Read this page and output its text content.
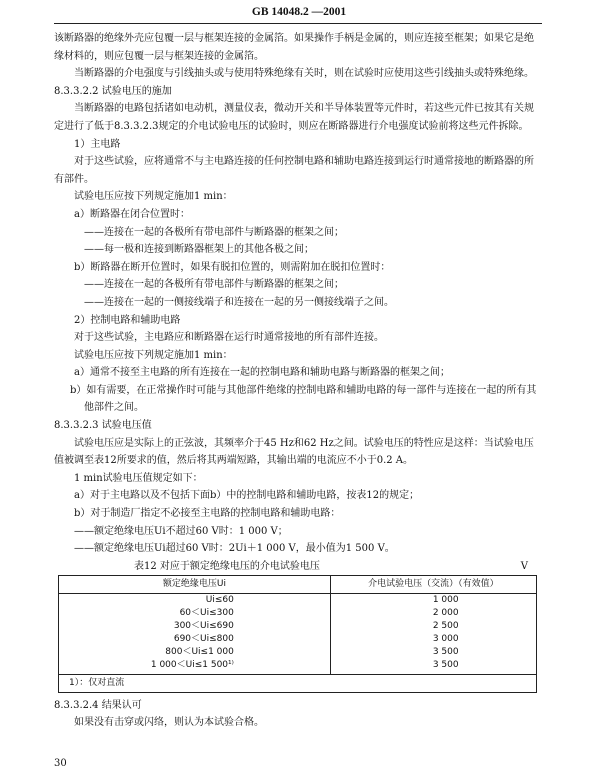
GB 14048.2 —2001

该断路器的绝缘外壳应包覆一层与框架连接的金属箔。如果操作手柄是金属的，则应连接至框架；如果它是绝缘材料的，则应包覆一层与框架连接的金属箔。

当断路器的介电强度与引线抽头或与使用特殊绝缘有关时，则在试验时应使用这些引线抽头或特殊绝缘。

8.3.3.2.2 试验电压的施加

当断路器的电路包括诸如电动机，测量仪表，微动开关和半导体装置等元件时，若这些元件已按其有关规定进行了低于8.3.3.2.3规定的介电试验电压的试验时，则应在断路器进行介电强度试验前将这些元件拆除。

1）主电路

对于这些试验，应将通常不与主电路连接的任何控制电路和辅助电路连接到运行时通常接地的断路器的所有部件。

试验电压应按下列规定施加1 min：

a）断路器在闭合位置时：

——连接在一起的各极所有带电部件与断路器的框架之间；

——每一极和连接到断路器框架上的其他各极之间；

b）断路器在断开位置时，如果有脱扣位置的，则需附加在脱扣位置时：

——连接在一起的各极所有带电部件与断路器的框架之间；

——连接在一起的一侧接线端子和连接在一起的另一侧接线端子之间。

2）控制电路和辅助电路

对于这些试验，主电路应和断路器在运行时通常接地的所有部件连接。

试验电压应按下列规定施加1 min：

a）通常不接至主电路的所有连接在一起的控制电路和辅助电路与断路器的框架之间；

b）如有需要，在正常操作时可能与其他部件绝缘的控制电路和辅助电路的每一部件与连接在一起的所有其他部件之间。

8.3.3.2.3 试验电压值

试验电压应是实际上的正弦波，其频率介于45 Hz和62 Hz之间。试验电压的特性应是这样：当试验电压值被调至表12所要求的值，然后将其两端短路，其输出端的电流应不小于0.2 A。

1 min试验电压值规定如下：

a）对于主电路以及不包括下面b）中的控制电路和辅助电路，按表12的规定；

b）对于制造厂指定不必接至主电路的控制电路和辅助电路：

——额定绝缘电压Ui不超过60 V时：1 000 V；

——额定绝缘电压Ui超过60 V时：2Ui＋1 000 V，最小值为1 500 V。

表12 对应于额定绝缘电压的介电试验电压	V
额定绝缘电压Ui	介电试验电压（交流）（有效值）
Ui≤60	1 000
60＜Ui≤300	2 000
300＜Ui≤690	2 500
690＜Ui≤800	3 000
800＜Ui≤1 000	3 500
1 000＜Ui≤1 500¹⁾	3 500
1）：仅对直流	

8.3.3.2.4 结果认可

如果没有击穿或闪络，则认为本试验合格。

30
